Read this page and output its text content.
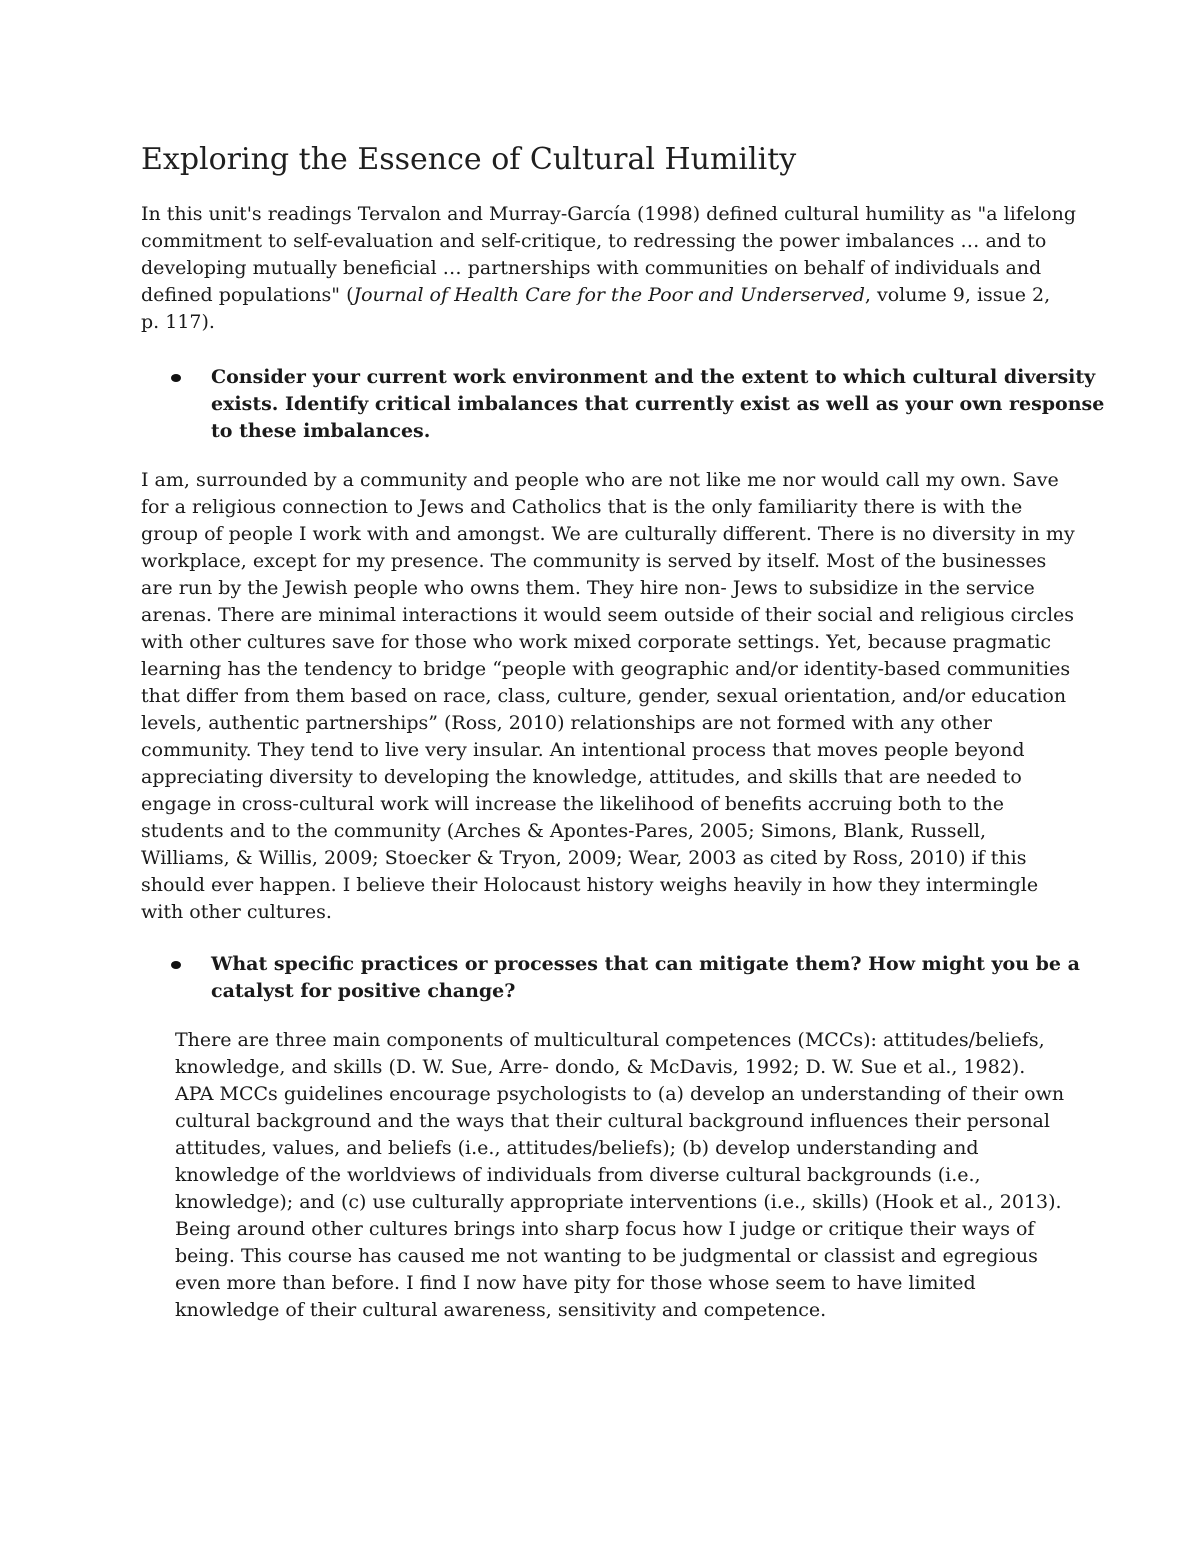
Exploring the Essence of Cultural Humility

In this unit's readings Tervalon and Murray-García (1998) defined cultural humility as "a lifelong
commitment to self-evaluation and self-critique, to redressing the power imbalances … and to
developing mutually beneficial … partnerships with communities on behalf of individuals and
defined populations" (Journal of Health Care for the Poor and Underserved, volume 9, issue 2,
p. 117).

Consider your current work environment and the extent to which cultural diversity
exists. Identify critical imbalances that currently exist as well as your own response
to these imbalances.

I am, surrounded by a community and people who are not like me nor would call my own. Save
for a religious connection to Jews and Catholics that is the only familiarity there is with the
group of people I work with and amongst. We are culturally different. There is no diversity in my
workplace, except for my presence. The community is served by itself. Most of the businesses
are run by the Jewish people who owns them. They hire non- Jews to subsidize in the service
arenas. There are minimal interactions it would seem outside of their social and religious circles
with other cultures save for those who work mixed corporate settings. Yet, because pragmatic
learning has the tendency to bridge “people with geographic and/or identity-based communities
that differ from them based on race, class, culture, gender, sexual orientation, and/or education
levels, authentic partnerships” (Ross, 2010) relationships are not formed with any other
community. They tend to live very insular. An intentional process that moves people beyond
appreciating diversity to developing the knowledge, attitudes, and skills that are needed to
engage in cross-cultural work will increase the likelihood of benefits accruing both to the
students and to the community (Arches & Apontes-Pares, 2005; Simons, Blank, Russell,
Williams, & Willis, 2009; Stoecker & Tryon, 2009; Wear, 2003 as cited by Ross, 2010) if this
should ever happen. I believe their Holocaust history weighs heavily in how they intermingle
with other cultures.

What specific practices or processes that can mitigate them? How might you be a
catalyst for positive change?

There are three main components of multicultural competences (MCCs): attitudes/beliefs,
knowledge, and skills (D. W. Sue, Arre- dondo, & McDavis, 1992; D. W. Sue et al., 1982).
APA MCCs guidelines encourage psychologists to (a) develop an understanding of their own
cultural background and the ways that their cultural background influences their personal
attitudes, values, and beliefs (i.e., attitudes/beliefs); (b) develop understanding and
knowledge of the worldviews of individuals from diverse cultural backgrounds (i.e.,
knowledge); and (c) use culturally appropriate interventions (i.e., skills) (Hook et al., 2013).
Being around other cultures brings into sharp focus how I judge or critique their ways of
being. This course has caused me not wanting to be judgmental or classist and egregious
even more than before. I find I now have pity for those whose seem to have limited
knowledge of their cultural awareness, sensitivity and competence.
